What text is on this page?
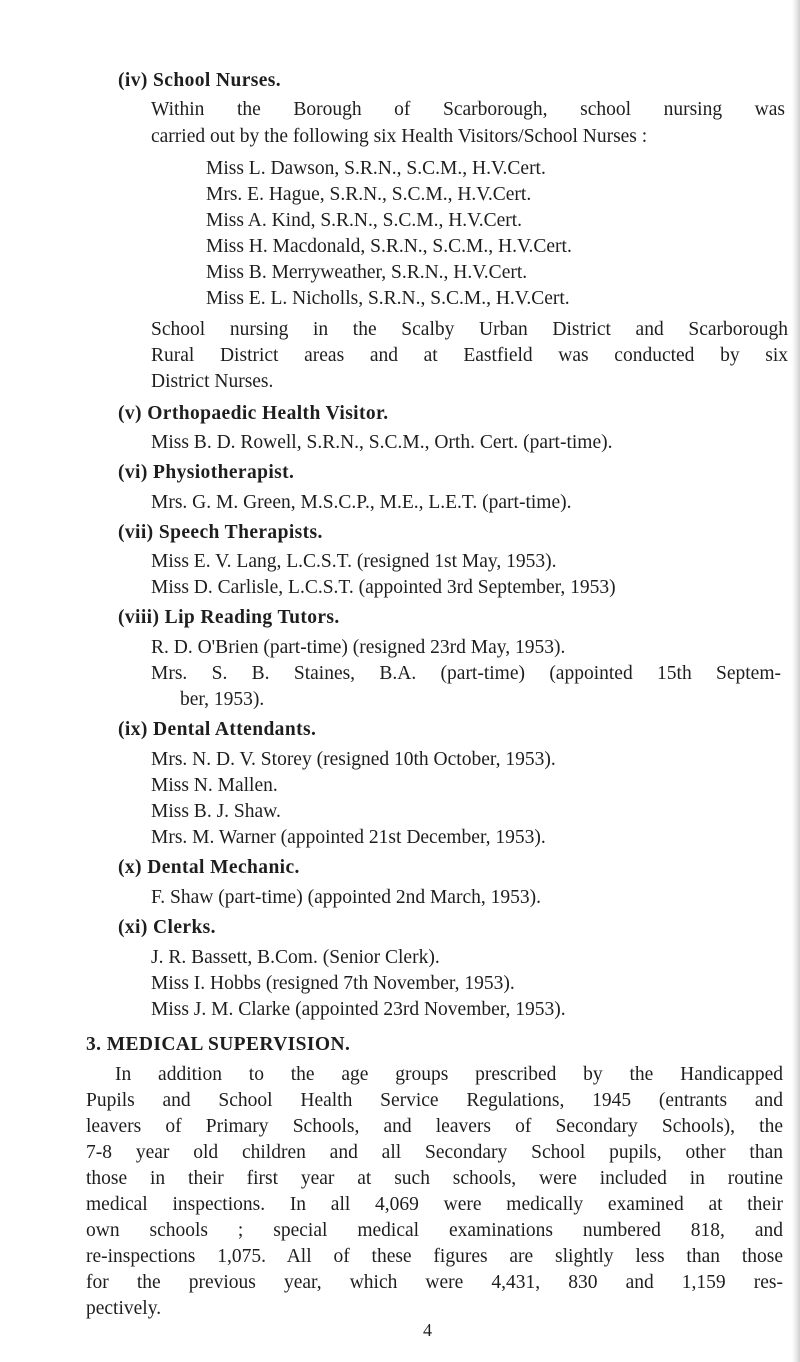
(iv) School Nurses.
Within the Borough of Scarborough, school nursing was
carried out by the following six Health Visitors/School Nurses :
Miss L. Dawson, S.R.N., S.C.M., H.V.Cert.
Mrs. E. Hague, S.R.N., S.C.M., H.V.Cert.
Miss A. Kind, S.R.N., S.C.M., H.V.Cert.
Miss H. Macdonald, S.R.N., S.C.M., H.V.Cert.
Miss B. Merryweather, S.R.N., H.V.Cert.
Miss E. L. Nicholls, S.R.N., S.C.M., H.V.Cert.
School nursing in the Scalby Urban District and Scarborough
Rural District areas and at Eastfield was conducted by six
District Nurses.
(v) Orthopaedic Health Visitor.
Miss B. D. Rowell, S.R.N., S.C.M., Orth. Cert. (part-time).
(vi) Physiotherapist.
Mrs. G. M. Green, M.S.C.P., M.E., L.E.T. (part-time).
(vii) Speech Therapists.
Miss E. V. Lang, L.C.S.T. (resigned 1st May, 1953).
Miss D. Carlisle, L.C.S.T. (appointed 3rd September, 1953)
(viii) Lip Reading Tutors.
R. D. O'Brien (part-time) (resigned 23rd May, 1953).
Mrs. S. B. Staines, B.A. (part-time) (appointed 15th Septem-
ber, 1953).
(ix) Dental Attendants.
Mrs. N. D. V. Storey (resigned 10th October, 1953).
Miss N. Mallen.
Miss B. J. Shaw.
Mrs. M. Warner (appointed 21st December, 1953).
(x) Dental Mechanic.
F. Shaw (part-time) (appointed 2nd March, 1953).
(xi) Clerks.
J. R. Bassett, B.Com. (Senior Clerk).
Miss I. Hobbs (resigned 7th November, 1953).
Miss J. M. Clarke (appointed 23rd November, 1953).
3. MEDICAL SUPERVISION.
In addition to the age groups prescribed by the Handicapped
Pupils and School Health Service Regulations, 1945 (entrants and
leavers of Primary Schools, and leavers of Secondary Schools), the
7-8 year old children and all Secondary School pupils, other than
those in their first year at such schools, were included in routine
medical inspections. In all 4,069 were medically examined at their
own schools ; special medical examinations numbered 818, and
re-inspections 1,075. All of these figures are slightly less than those
for the previous year, which were 4,431, 830 and 1,159 res-
pectively.
4
